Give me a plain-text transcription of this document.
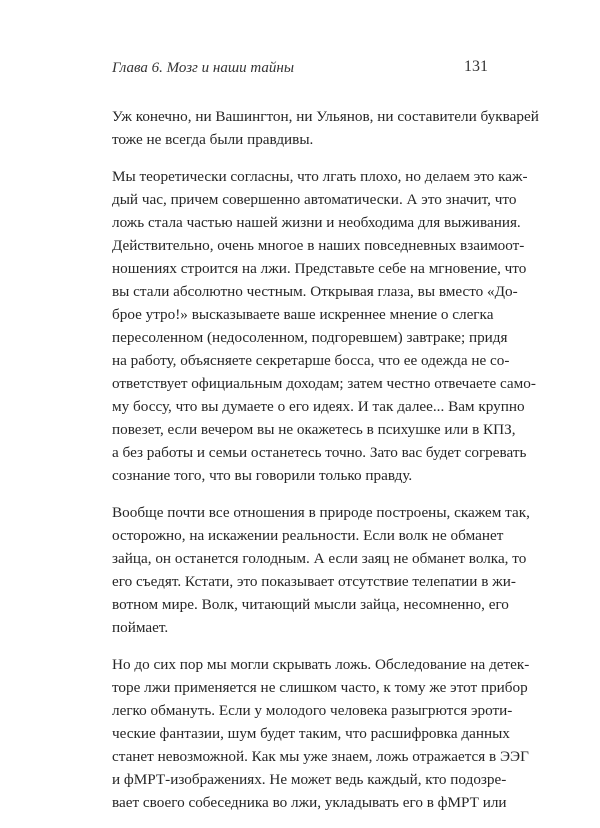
Глава 6. Мозг и наши тайны	131

Уж конечно, ни Вашингтон, ни Ульянов, ни составители букварей
тоже не всегда были правдивы.

Мы теоретически согласны, что лгать плохо, но делаем это каж-
дый час, причем совершенно автоматически. А это значит, что
ложь стала частью нашей жизни и необходима для выживания.
Действительно, очень многое в наших повседневных взаимоот-
ношениях строится на лжи. Представьте себе на мгновение, что
вы стали абсолютно честным. Открывая глаза, вы вместо «До-
брое утро!» высказываете ваше искреннее мнение о слегка
пересоленном (недосоленном, подгоревшем) завтраке; придя
на работу, объясняете секретарше босса, что ее одежда не со-
ответствует официальным доходам; затем честно отвечаете само-
му боссу, что вы думаете о его идеях. И так далее... Вам крупно
повезет, если вечером вы не окажетесь в психушке или в КПЗ,
а без работы и семьи останетесь точно. Зато вас будет согревать
сознание того, что вы говорили только правду.

Вообще почти все отношения в природе построены, скажем так,
осторожно, на искажении реальности. Если волк не обманет
зайца, он останется голодным. А если заяц не обманет волка, то
его съедят. Кстати, это показывает отсутствие телепатии в жи-
вотном мире. Волк, читающий мысли зайца, несомненно, его
поймает.

Но до сих пор мы могли скрывать ложь. Обследование на детек-
торе лжи применяется не слишком часто, к тому же этот прибор
легко обмануть. Если у молодого человека разыгрются эроти-
ческие фантазии, шум будет таким, что расшифровка данных
станет невозможной. Как мы уже знаем, ложь отражается в ЭЭГ
и фМРТ-изображениях. Не может ведь каждый, кто подозре-
вает своего собеседника во лжи, укладывать его в фМРТ или
